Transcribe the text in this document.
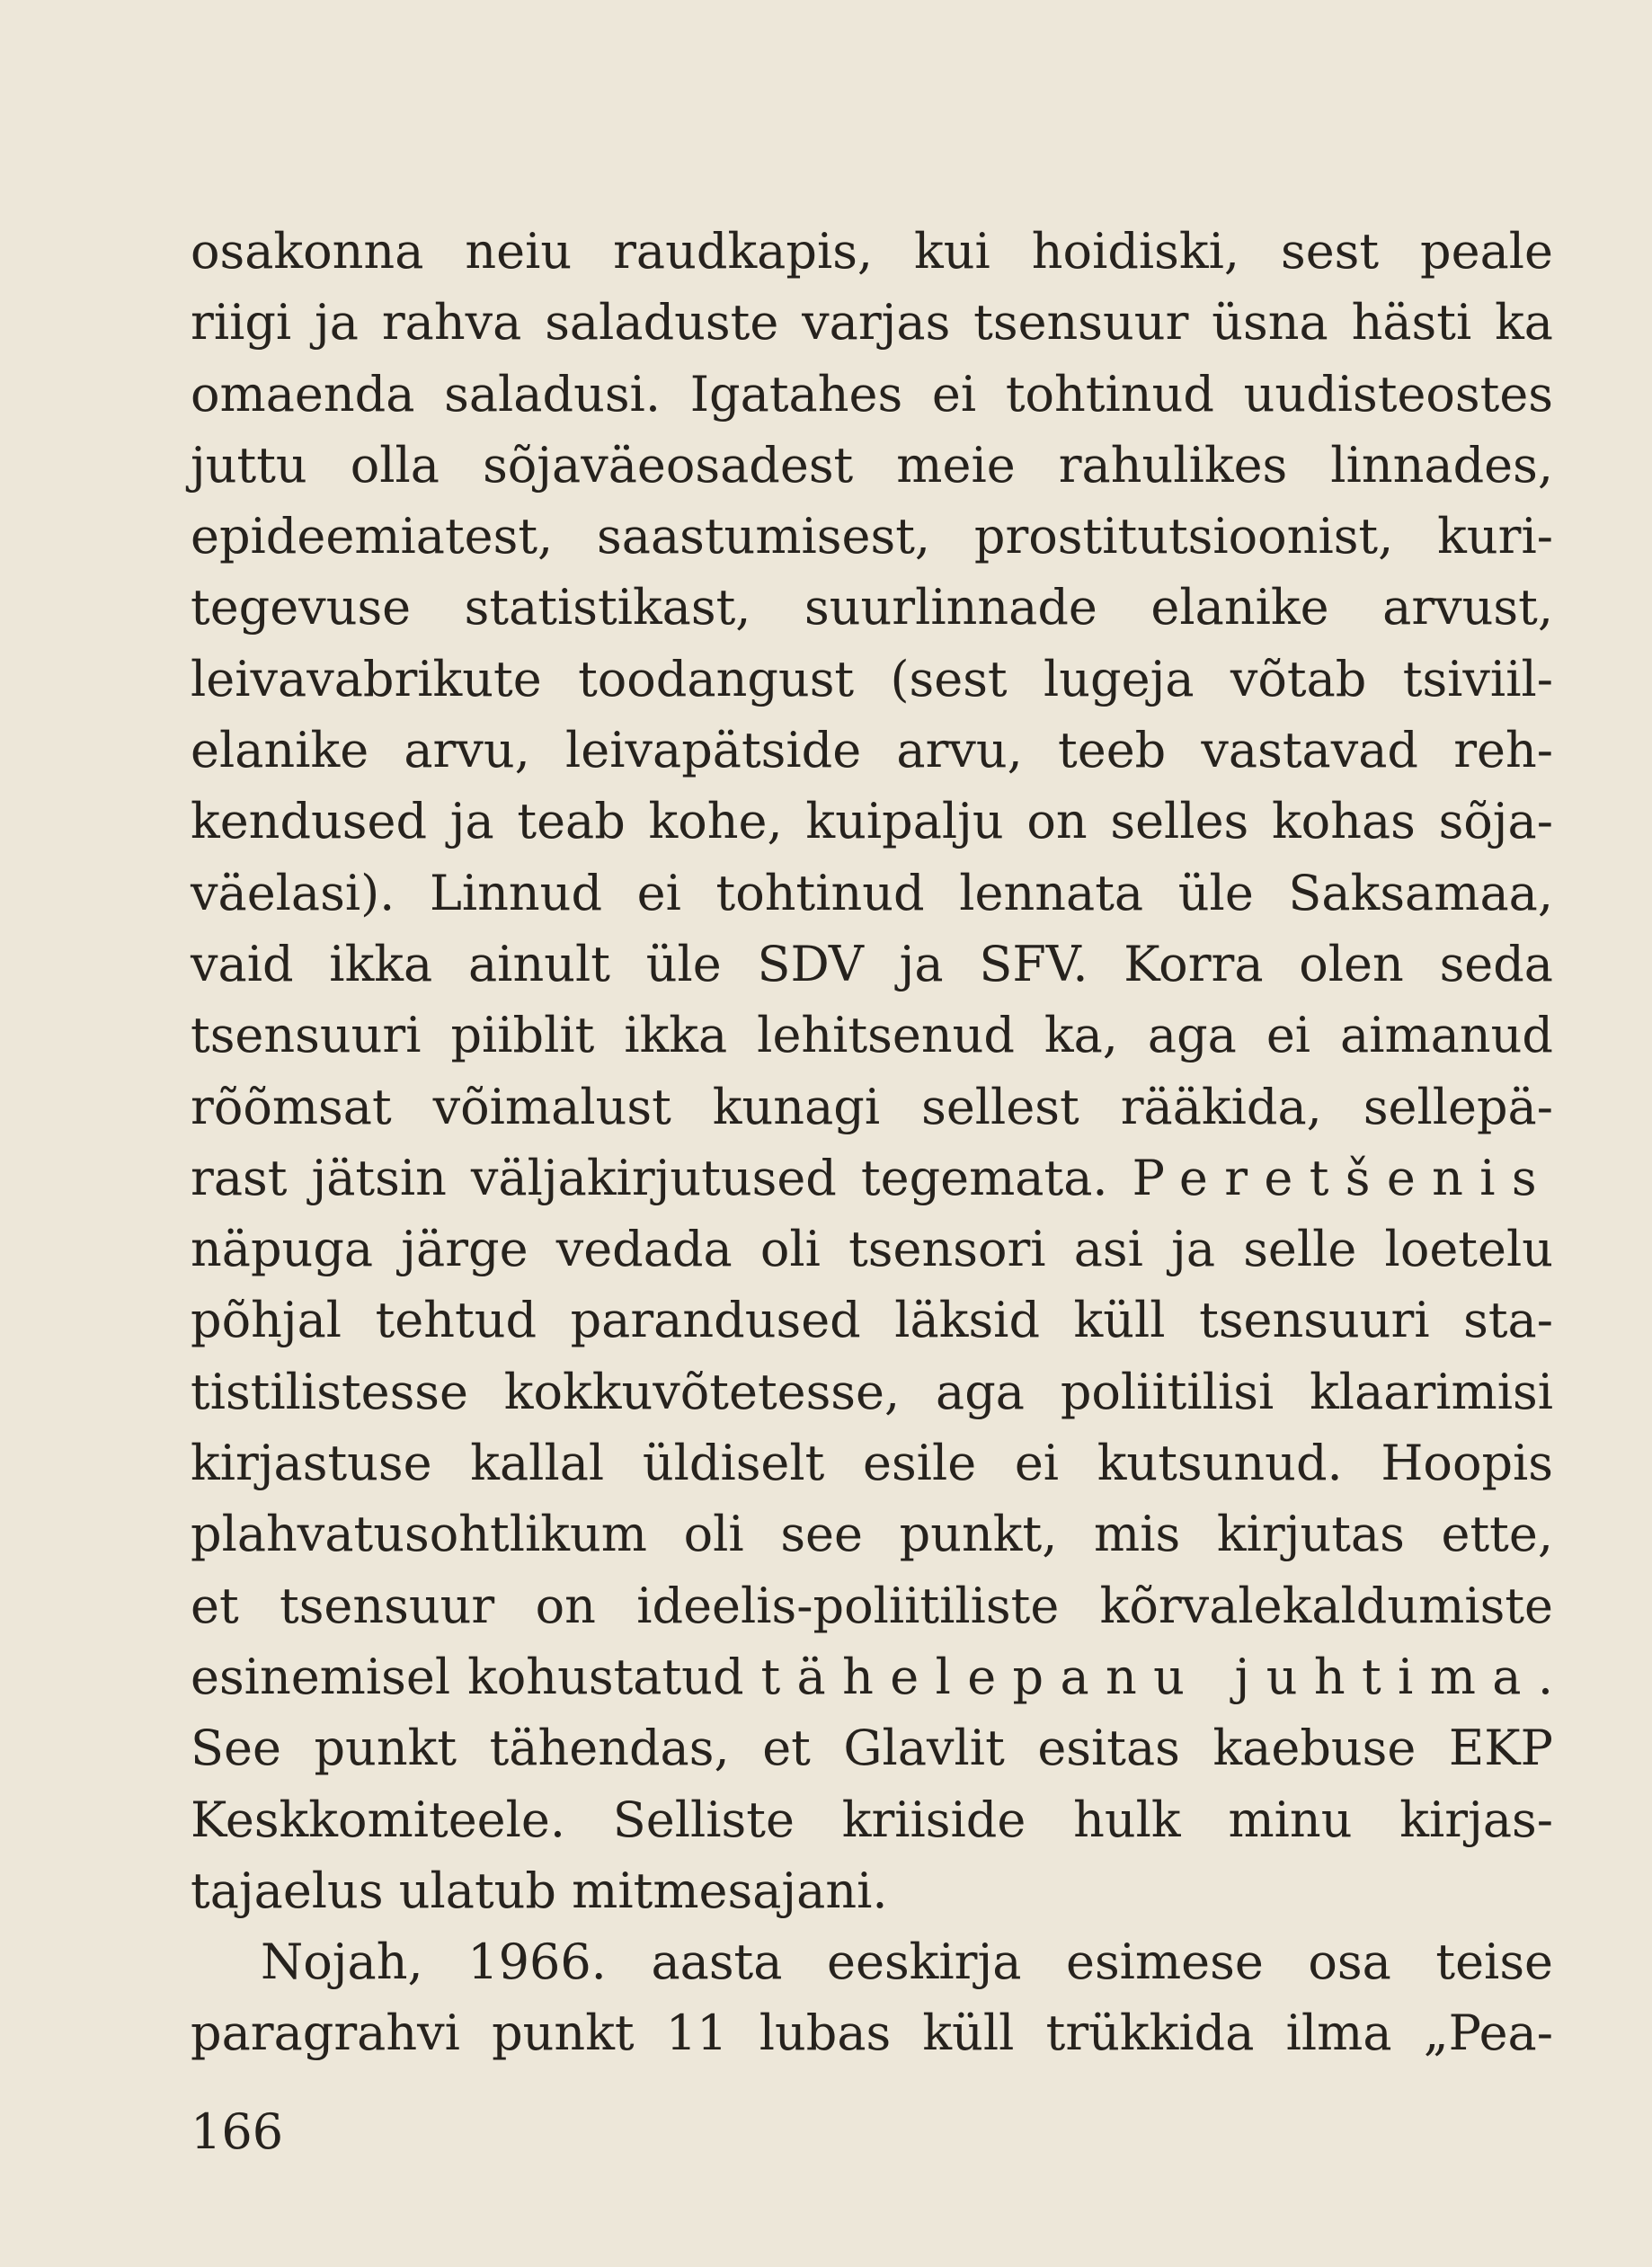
osakonna neiu raudkapis, kui hoidiski, sest peale
riigi ja rahva saladuste varjas tsensuur üsna hästi ka
omaenda saladusi. Igatahes ei tohtinud uudisteostes
juttu olla sõjaväeosadest meie rahulikes linnades,
epideemiatest, saastumisest, prostitutsioonist, kuri-
tegevuse statistikast, suurlinnade elanike arvust,
leivavabrikute toodangust (sest lugeja võtab tsiviil-
elanike arvu, leivapätside arvu, teeb vastavad reh-
kendused ja teab kohe, kuipalju on selles kohas sõja-
väelasi). Linnud ei tohtinud lennata üle Saksamaa,
vaid ikka ainult üle SDV ja SFV. Korra olen seda
tsensuuri piiblit ikka lehitsenud ka, aga ei aimanud
rõõmsat võimalust kunagi sellest rääkida, sellepä-
rast jätsin väljakirjutused tegemata. Peretšenis
näpuga järge vedada oli tsensori asi ja selle loetelu
põhjal tehtud parandused läksid küll tsensuuri sta-
tistilistesse kokkuvõtetesse, aga poliitilisi klaarimisi
kirjastuse kallal üldiselt esile ei kutsunud. Hoopis
plahvatusohtlikum oli see punkt, mis kirjutas ette,
et tsensuur on ideelis-poliitiliste kõrvalekaldumiste
esinemisel kohustatud tähelepanu juhtima.
See punkt tähendas, et Glavlit esitas kaebuse EKP
Keskkomiteele. Selliste kriiside hulk minu kirjas-
tajaelus ulatub mitmesajani.
Nojah, 1966. aasta eeskirja esimese osa teise
paragrahvi punkt 11 lubas küll trükkida ilma „Pea-
166
